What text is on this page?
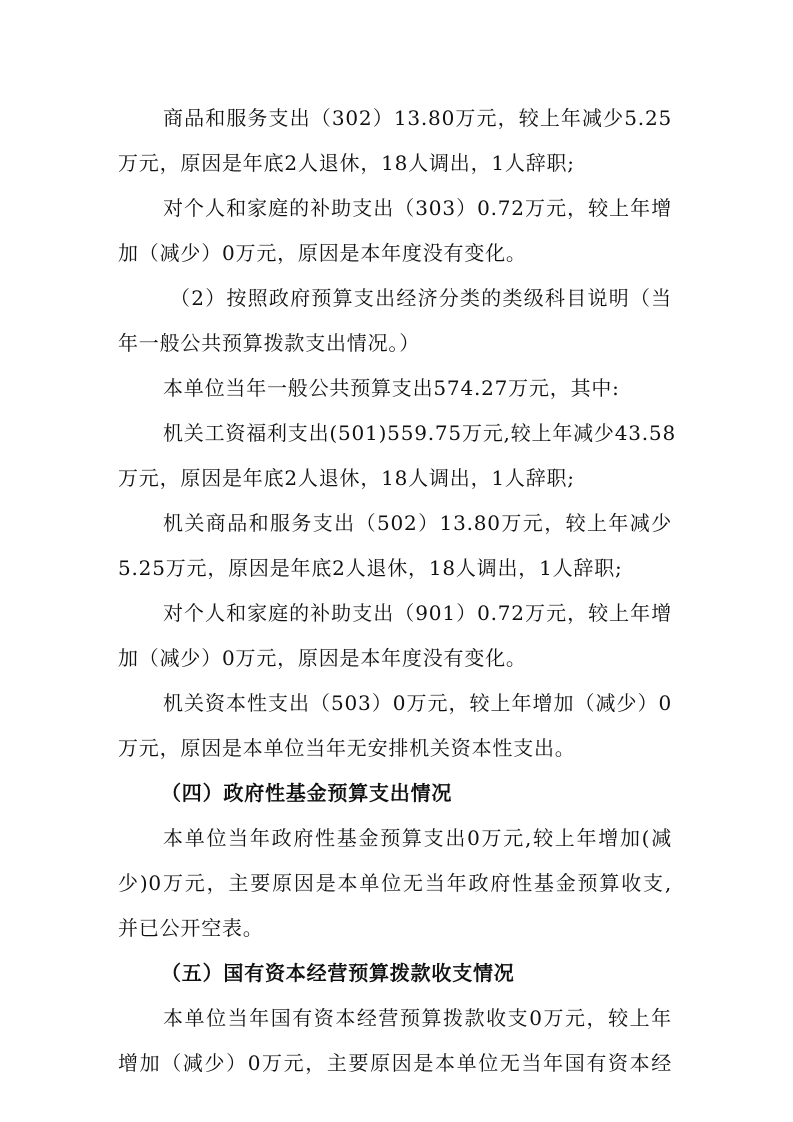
商品和服务支出（302）13.80万元，较上年减少5.25

万元，原因是年底2人退休，18人调出，1人辞职;

对个人和家庭的补助支出（303）0.72万元，较上年增

加（减少）0万元，原因是本年度没有变化。

（2）按照政府预算支出经济分类的类级科目说明（当

年一般公共预算拨款支出情况。）

本单位当年一般公共预算支出574.27万元，其中:

机关工资福利支出(501)559.75万元,较上年减少43.58

万元，原因是年底2人退休，18人调出，1人辞职;

机关商品和服务支出（502）13.80万元，较上年减少

5.25万元，原因是年底2人退休，18人调出，1人辞职;

对个人和家庭的补助支出（901）0.72万元，较上年增

加（减少）0万元，原因是本年度没有变化。

机关资本性支出（503）0万元，较上年增加（减少）0

万元，原因是本单位当年无安排机关资本性支出。

（四）政府性基金预算支出情况

本单位当年政府性基金预算支出0万元,较上年增加(减

少)0万元，主要原因是本单位无当年政府性基金预算收支,

并已公开空表。

（五）国有资本经营预算拨款收支情况

本单位当年国有资本经营预算拨款收支0万元，较上年

增加（减少）0万元，主要原因是本单位无当年国有资本经
